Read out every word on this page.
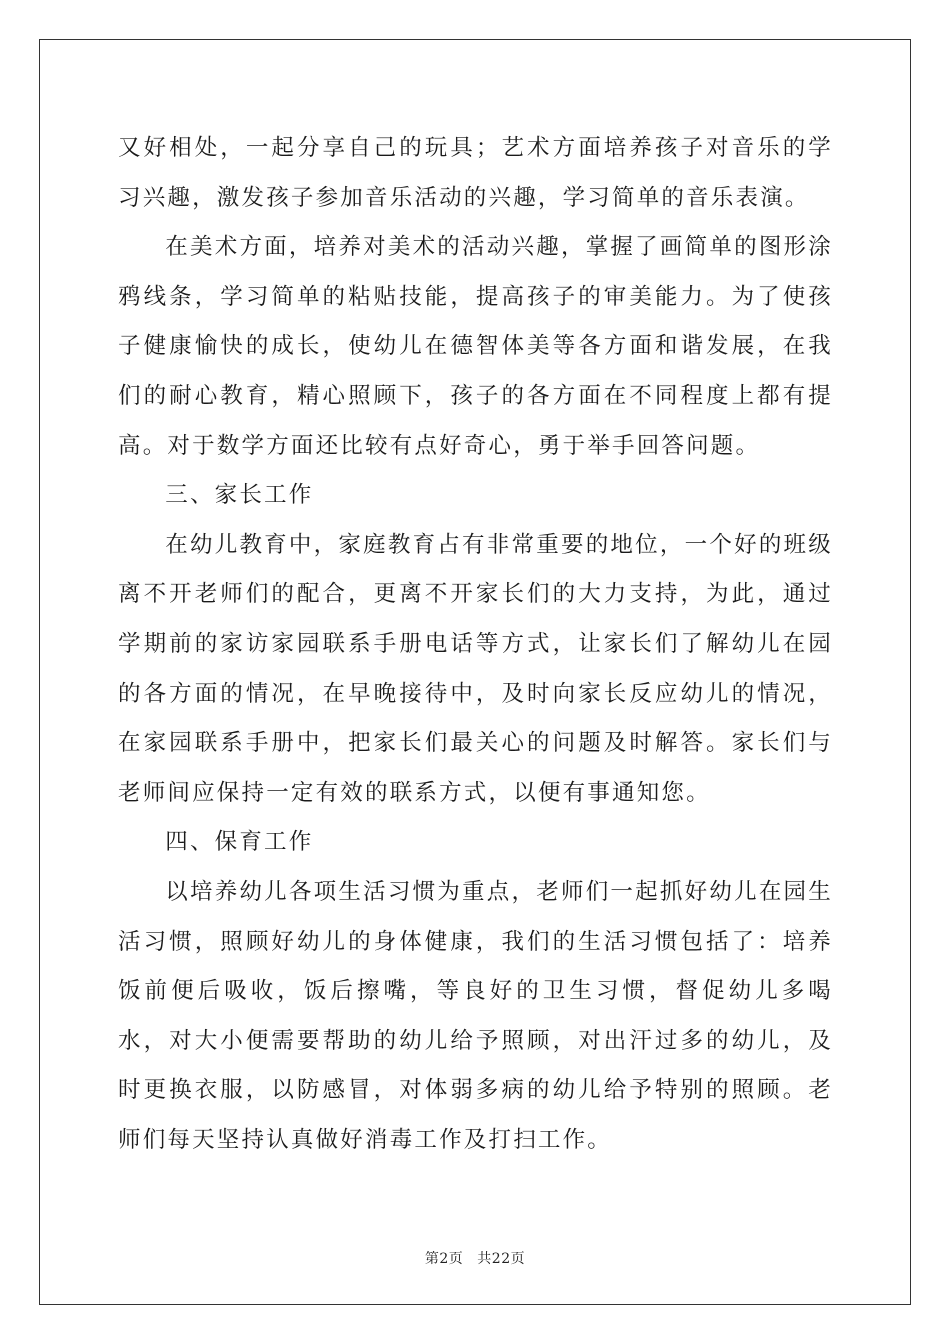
又好相处，一起分享自己的玩具；艺术方面培养孩子对音乐的学习兴趣，激发孩子参加音乐活动的兴趣，学习简单的音乐表演。

在美术方面，培养对美术的活动兴趣，掌握了画简单的图形涂鸦线条，学习简单的粘贴技能，提高孩子的审美能力。为了使孩子健康愉快的成长，使幼儿在德智体美等各方面和谐发展，在我们的耐心教育，精心照顾下，孩子的各方面在不同程度上都有提高。对于数学方面还比较有点好奇心，勇于举手回答问题。

三、家长工作

在幼儿教育中，家庭教育占有非常重要的地位，一个好的班级离不开老师们的配合，更离不开家长们的大力支持，为此，通过学期前的家访家园联系手册电话等方式，让家长们了解幼儿在园的各方面的情况，在早晚接待中，及时向家长反应幼儿的情况，在家园联系手册中，把家长们最关心的问题及时解答。家长们与老师间应保持一定有效的联系方式，以便有事通知您。

四、保育工作

以培养幼儿各项生活习惯为重点，老师们一起抓好幼儿在园生活习惯，照顾好幼儿的身体健康，我们的生活习惯包括了：培养饭前便后吸收，饭后擦嘴，等良好的卫生习惯，督促幼儿多喝水，对大小便需要帮助的幼儿给予照顾，对出汗过多的幼儿，及时更换衣服，以防感冒，对体弱多病的幼儿给予特别的照顾。老师们每天坚持认真做好消毒工作及打扫工作。

第2页 共22页
